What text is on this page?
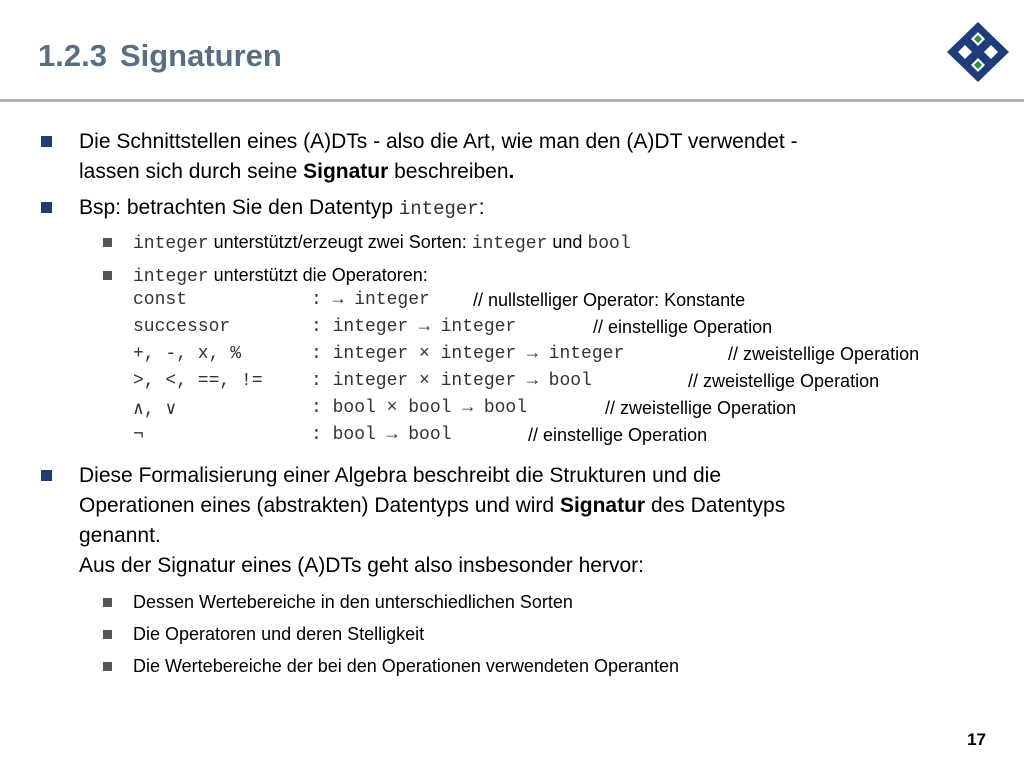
1.2.3 Signaturen
Die Schnittstellen eines (A)DTs - also die Art, wie man den (A)DT verwendet -
lassen sich durch seine Signatur beschreiben.
Bsp: betrachten Sie den Datentyp integer:
integer unterstützt/erzeugt zwei Sorten: integer und bool
integer unterstützt die Operatoren:
const	: → integer // nullstelliger Operator: Konstante
successor	: integer → integer	// einstellige Operation
+, -, x, %	: integer × integer → integer	// zweistellige Operation
>, <, ==, !=	: integer × integer → bool	// zweistellige Operation
∧, ∨	: bool × bool → bool	// zweistellige Operation
¬	: bool → bool	// einstellige Operation
Diese Formalisierung einer Algebra beschreibt die Strukturen und die
Operationen eines (abstrakten) Datentyps und wird Signatur des Datentyps
genannt.
Aus der Signatur eines (A)DTs geht also insbesonder hervor:
Dessen Wertebereiche in den unterschiedlichen Sorten
Die Operatoren und deren Stelligkeit
Die Wertebereiche der bei den Operationen verwendeten Operanten
17
